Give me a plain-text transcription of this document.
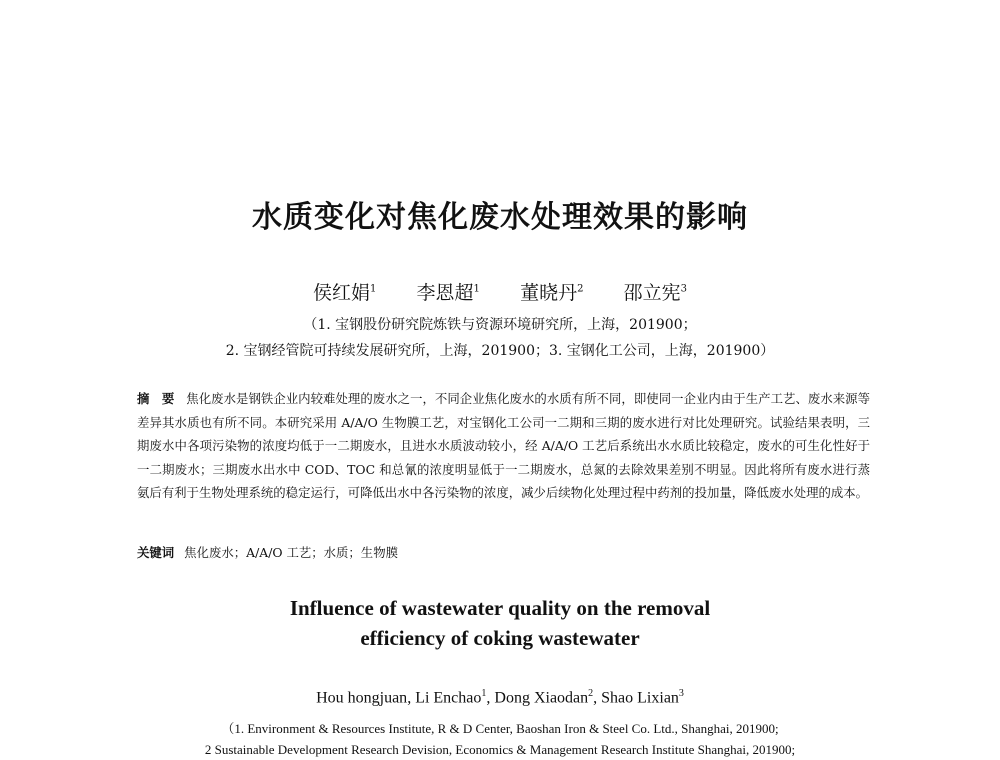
水质变化对焦化废水处理效果的影响
侯红娟$^1$ 李恩超$^1$ 董晓丹$^2$ 邵立宪$^3$
（1. 宝钢股份研究院炼铁与资源环境研究所，上海，201900；
2. 宝钢经管院可持续发展研究所，上海，201900；3. 宝钢化工公司，上海，201900）
摘　要 焦化废水是钢铁企业内较难处理的废水之一，不同企业焦化废水的水质有所不同，即使同一企业内由于生产工艺、废水来源等差异其水质也有所不同。本研究采用 A/A/O 生物膜工艺，对宝钢化工公司一二期和三期的废水进行对比处理研究。试验结果表明，三期废水中各项污染物的浓度均低于一二期废水，且进水水质波动较小，经 A/A/O 工艺后系统出水水质比较稳定，废水的可生化性好于一二期废水；三期废水出水中 COD、TOC 和总氰的浓度明显低于一二期废水，总氮的去除效果差别不明显。因此将所有废水进行蒸氨后有利于生物处理系统的稳定运行，可降低出水中各污染物的浓度，减少后续物化处理过程中药剂的投加量，降低废水处理的成本。
关键词 焦化废水；A/A/O 工艺；水质；生物膜
Influence of wastewater quality on the removal
efficiency of coking wastewater
Hou hongjuan, Li Enchao$^1$, Dong Xiaodan$^2$, Shao Lixian$^3$
（1. Environment & Resources Institute, R & D Center, Baoshan Iron & Steel Co. Ltd., Shanghai, 201900;
2 Sustainable Development Research Devision, Economics & Management Research Institute Shanghai, 201900;
